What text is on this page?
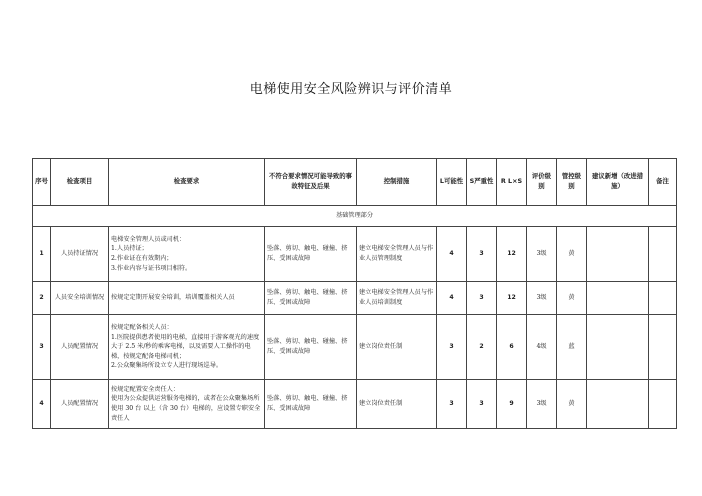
电梯使用安全风险辨识与评价清单
序号	检查项目	检查要求	不符合要求情况可能导致的事故特征及后果	控制措施	L可能性	S严重性	R L×S	评价级别	管控级别	建议新增（改进措施）	备注
基础管理部分											
1	人员持证情况	电梯安全管理人员或司机：
1.人员持证；
2.作业证在有效期内；
3.作业内容与证书项目相符。	坠落、剪切、触电、碰撞、挤压、受困或故障	建立电梯安全管理人员与作业人员管理制度	4	3	12	3级	黄		
2	人员安全培训情况	按规定定期开展安全培训，培训覆盖相关人员	坠落、剪切、触电、碰撞、挤压、受困或故障	建立电梯安全管理人员与作业人员培训制度	4	3	12	3级	黄		
3	人员配置情况	按规定配备相关人员：
1.医院提供患者使用的电梯，直接用于游客观光的速度大于 2.5 米/秒的乘客电梯，以及需要人工操作的电梯，按规定配备电梯司机；
2.公众聚集场所设立专人进行现场巡导。	坠落、剪切、触电、碰撞、挤压、受困或故障	建立岗位责任制	3	2	6	4级	蓝		
4	人员配置情况	按规定配置安全责任人：
使用为公众提供运营服务电梯的，或者在公众聚集场所使用 30 台 以上（含 30 台）电梯的，应设置专职安全责任人	坠落、剪切、触电、碰撞、挤压、受困或故障	建立岗位责任制	3	3	9	3级	黄		
